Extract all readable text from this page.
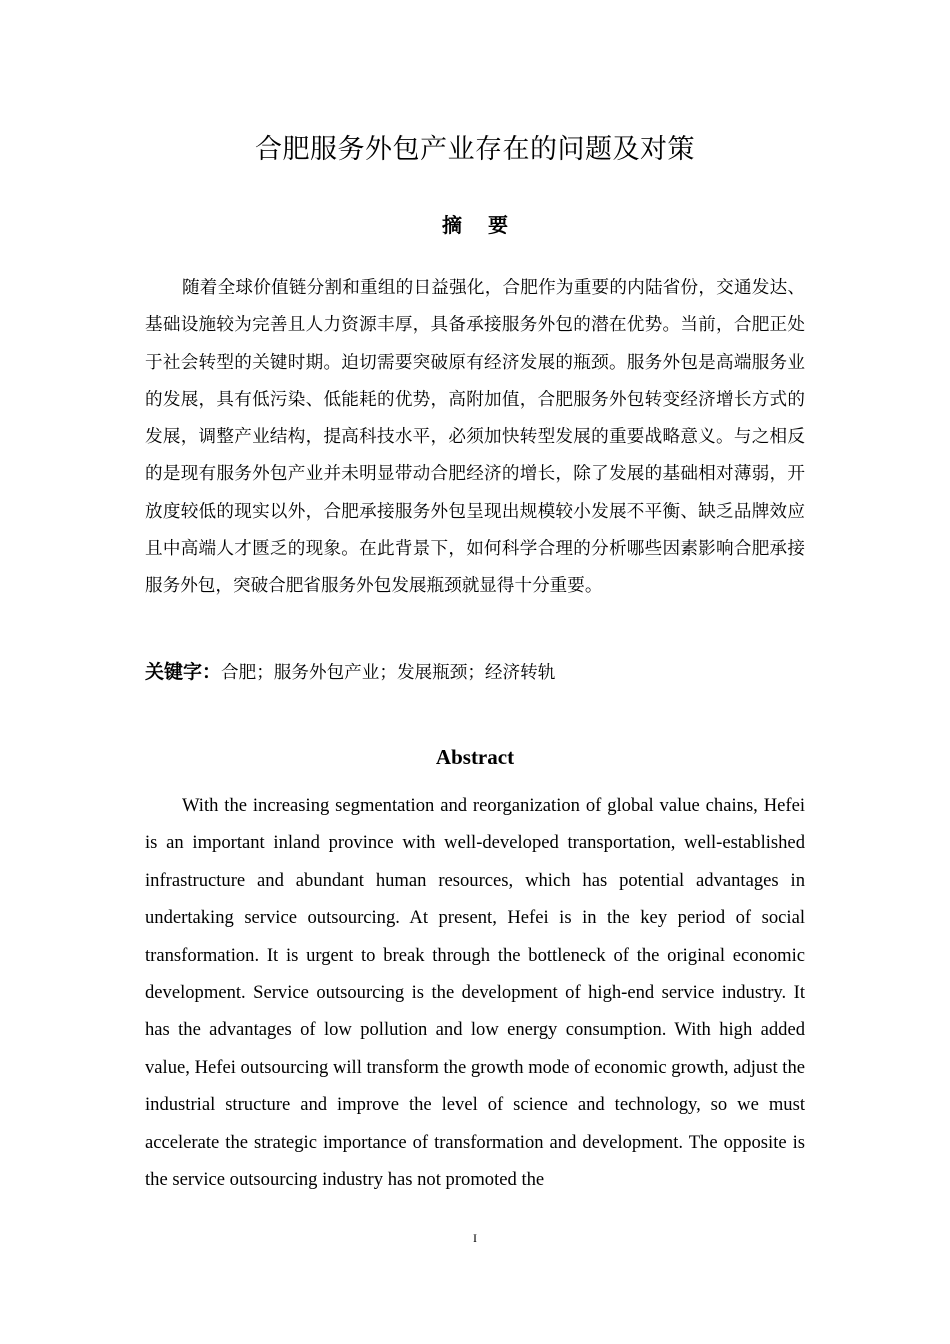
合肥服务外包产业存在的问题及对策
摘要

随着全球价值链分割和重组的日益强化，合肥作为重要的内陆省份，交通发达、基础设施较为完善且人力资源丰厚，具备承接服务外包的潜在优势。当前，合肥正处于社会转型的关键时期。迫切需要突破原有经济发展的瓶颈。服务外包是高端服务业的发展，具有低污染、低能耗的优势，高附加值，合肥服务外包转变经济增长方式的发展，调整产业结构，提高科技水平，必须加快转型发展的重要战略意义。与之相反的是现有服务外包产业并未明显带动合肥经济的增长，除了发展的基础相对薄弱，开放度较低的现实以外，合肥承接服务外包呈现出规模较小发展不平衡、缺乏品牌效应且中高端人才匮乏的现象。在此背景下，如何科学合理的分析哪些因素影响合肥承接服务外包，突破合肥省服务外包发展瓶颈就显得十分重要。

关键字：合肥；服务外包产业；发展瓶颈；经济转轨
Abstract

With the increasing segmentation and reorganization of global value chains, Hefei is an important inland province with well-developed transportation, well-established infrastructure and abundant human resources, which has potential advantages in undertaking service outsourcing. At present, Hefei is in the key period of social transformation. It is urgent to break through the bottleneck of the original economic development. Service outsourcing is the development of high-end service industry. It has the advantages of low pollution and low energy consumption. With high added value, Hefei outsourcing will transform the growth mode of economic growth, adjust the industrial structure and improve the level of science and technology, so we must accelerate the strategic importance of transformation and development. The opposite is the service outsourcing industry has not promoted the

I
